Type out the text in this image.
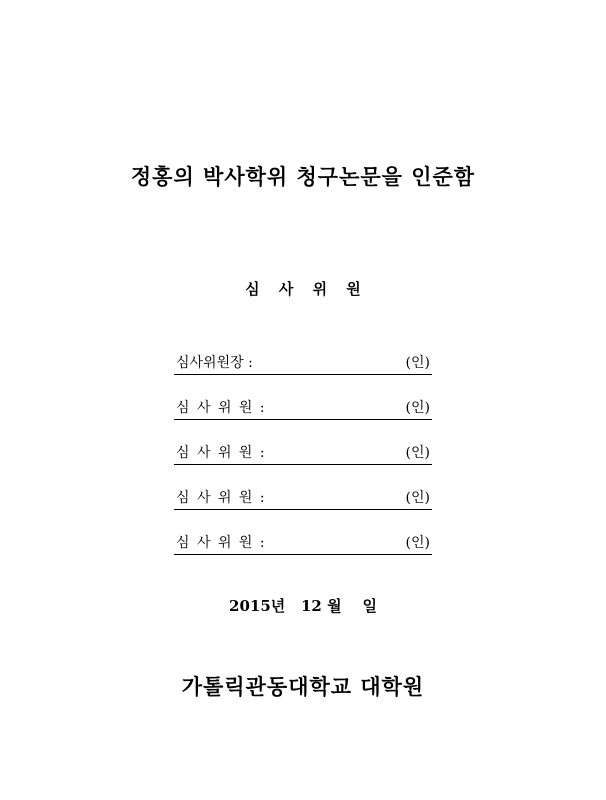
정홍의 박사학위 청구논문을 인준함
심 사 위 원
심사위원장 :	(인)
심 사 위 원 :	(인)
심 사 위 원 :	(인)
심 사 위 원 :	(인)
심 사 위 원 :	(인)
2015년 12 월 일
가톨릭관동대학교 대학원
